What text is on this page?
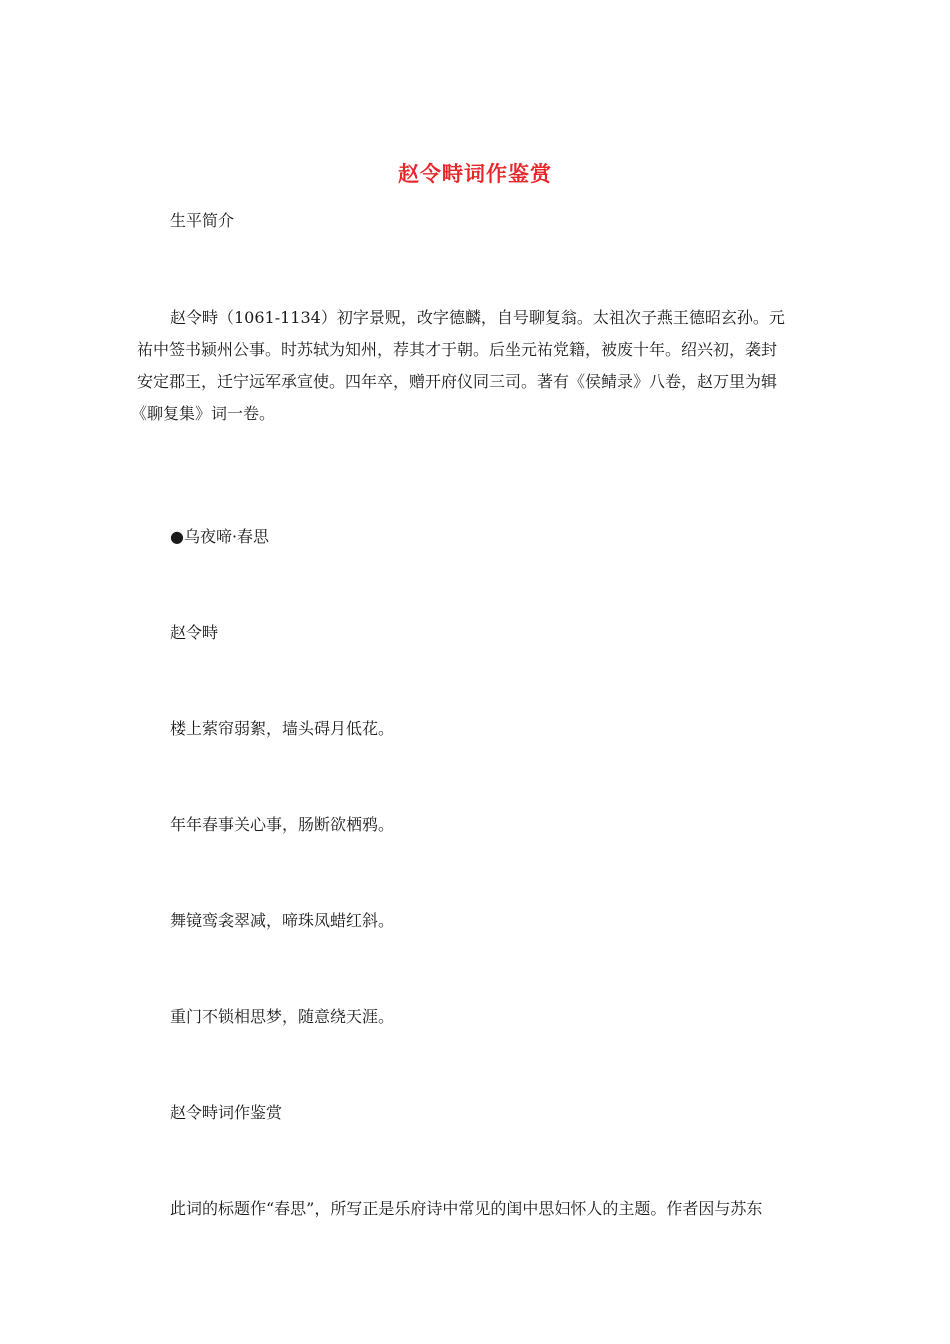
赵令畤词作鉴赏
生平简介
赵令畤（1061-1134）初字景贶，改字德麟，自号聊复翁。太祖次子燕王德昭玄孙。元
祐中签书颍州公事。时苏轼为知州，荐其才于朝。后坐元祐党籍，被废十年。绍兴初，袭封
安定郡王，迁宁远军承宣使。四年卒，赠开府仪同三司。著有《侯鲭录》八卷，赵万里为辑
《聊复集》词一卷。
●乌夜啼·春思
赵令畤
楼上萦帘弱絮，墙头碍月低花。
年年春事关心事，肠断欲栖鸦。
舞镜鸾衾翠减，啼珠凤蜡红斜。
重门不锁相思梦，随意绕天涯。
赵令畤词作鉴赏
此词的标题作“春思”，所写正是乐府诗中常见的闺中思妇怀人的主题。作者因与苏东
